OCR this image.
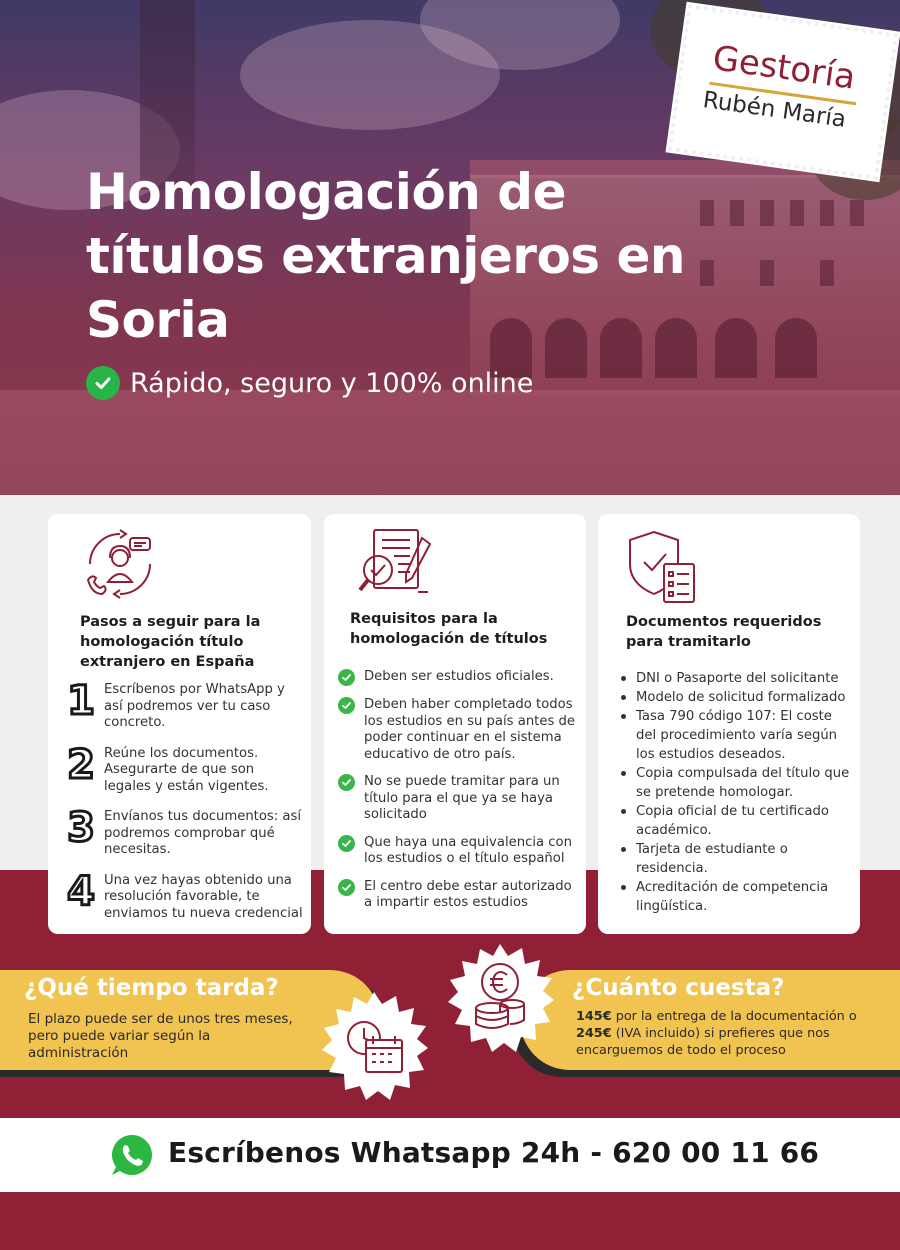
Homologación de títulos extranjeros en Soria
Rápido, seguro y 100% online
Gestoría
Rubén María
Pasos a seguir para la homologación título extranjero en España
1 Escríbenos por WhatsApp y así podremos ver tu caso concreto.
2 Reúne los documentos. Asegurarte de que son legales y están vigentes.
3 Envíanos tus documentos: así podremos comprobar qué necesitas.
4 Una vez hayas obtenido una resolución favorable, te enviamos tu nueva credencial
Requisitos para la homologación de títulos
Deben ser estudios oficiales.
Deben haber completado todos los estudios en su país antes de poder continuar en el sistema educativo de otro país.
No se puede tramitar para un título para el que ya se haya solicitado
Que haya una equivalencia con los estudios o el título español
El centro debe estar autorizado a impartir estos estudios
Documentos requeridos para tramitarlo
DNI o Pasaporte del solicitante
Modelo de solicitud formalizado
Tasa 790 código 107: El coste del procedimiento varía según los estudios deseados.
Copia compulsada del título que se pretende homologar.
Copia oficial de tu certificado académico.
Tarjeta de estudiante o residencia.
Acreditación de competencia lingüística.
¿Qué tiempo tarda?
El plazo puede ser de unos tres meses, pero puede variar según la administración
¿Cuánto cuesta?
145€ por la entrega de la documentación o
245€ (IVA incluido) si prefieres que nos encarguemos de todo el proceso
Escríbenos Whatsapp 24h - 620 00 11 66
